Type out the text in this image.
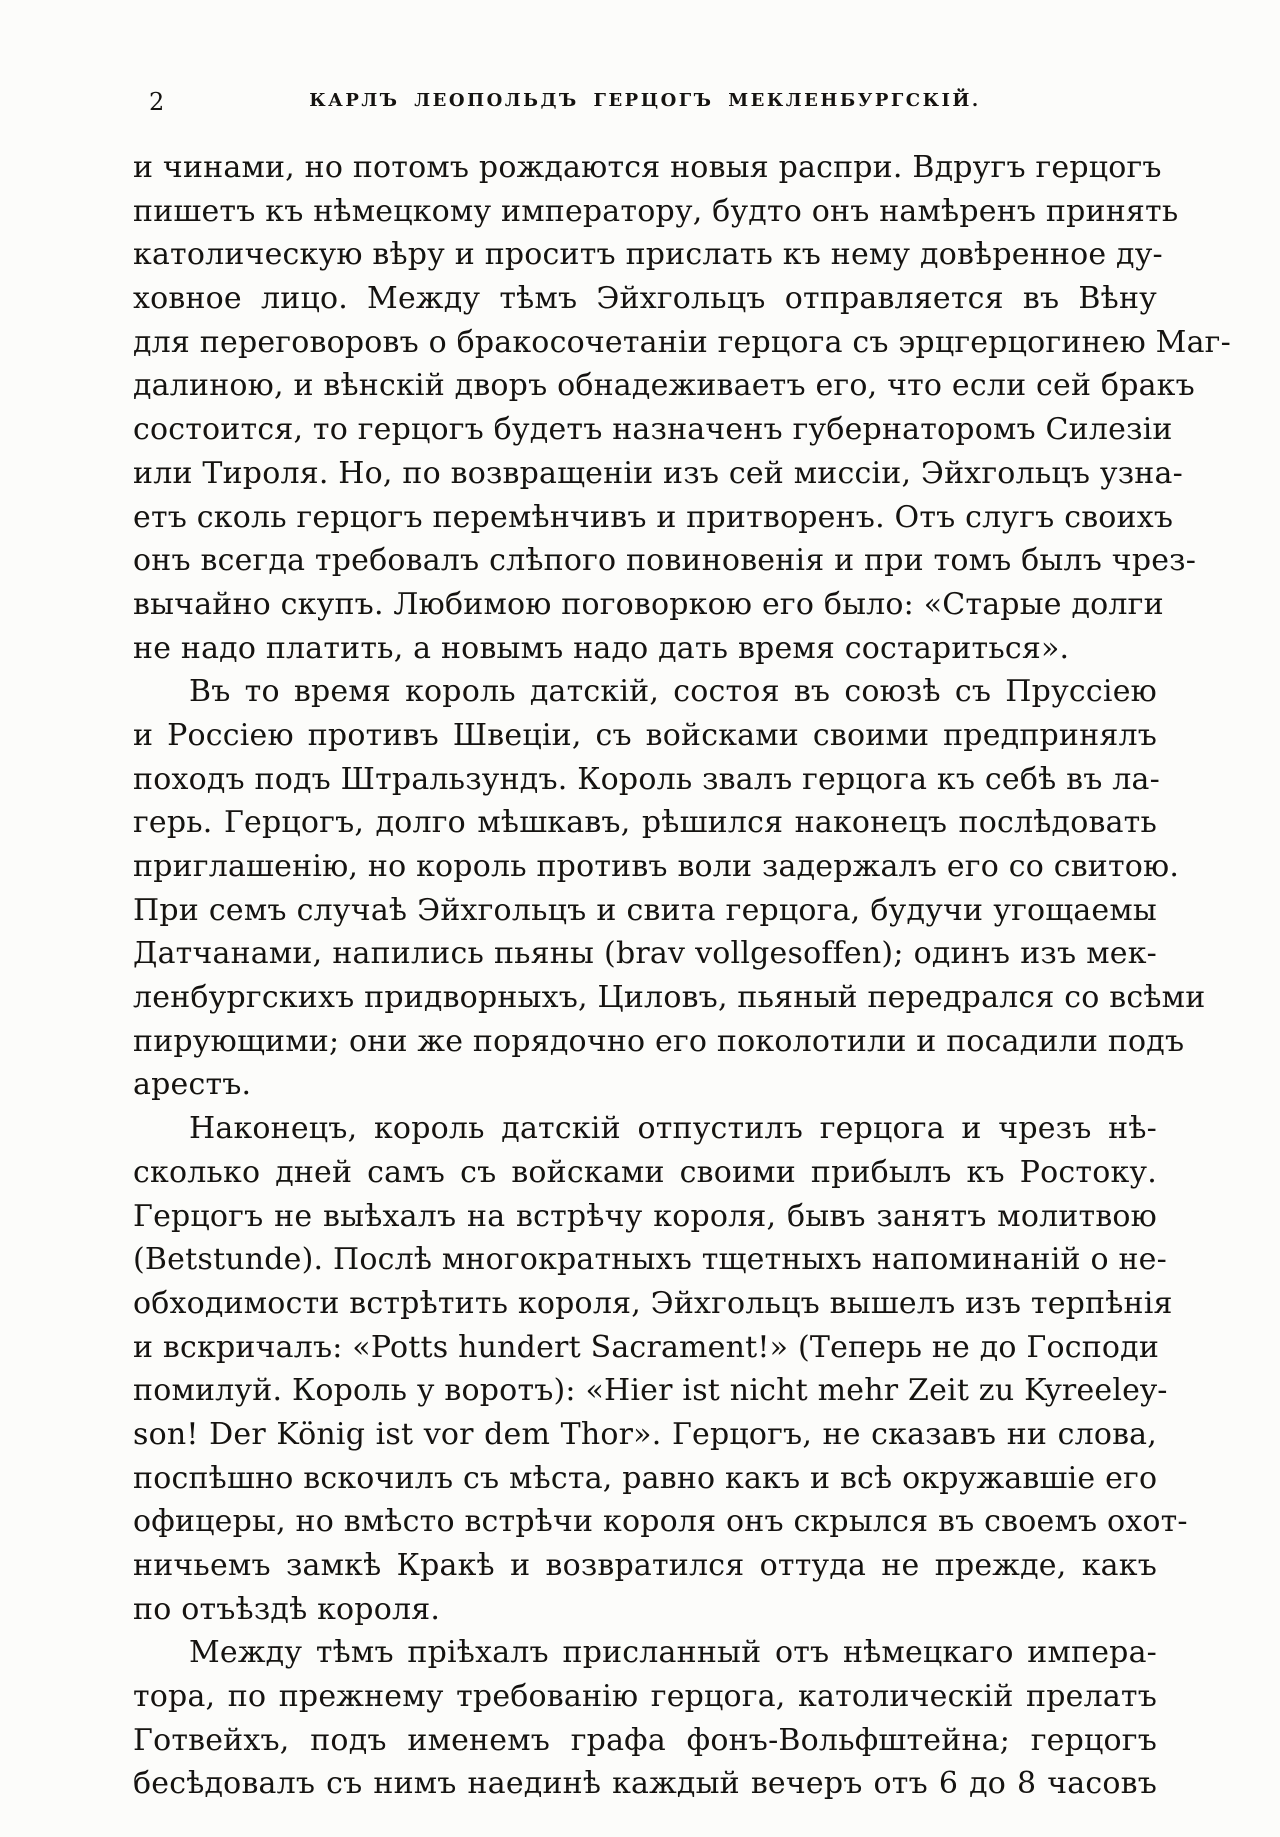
2	КАРЛЪ ЛЕОПОЛЬДЪ ГЕРЦОГЪ МЕКЛЕНБУРГСКІЙ.
и чинами, но потомъ рождаются новыя распри. Вдругъ герцогъ
пишетъ къ нѣмецкому императору, будто онъ намѣренъ принять
католическую вѣру и проситъ прислать къ нему довѣренное ду-
ховное лицо. Между тѣмъ Эйхгольцъ отправляется въ Вѣну
для переговоровъ о бракосочетаніи герцога съ эрцгерцогинею Маг-
далиною, и вѣнскій дворъ обнадеживаетъ его, что если сей бракъ
состоится, то герцогъ будетъ назначенъ губернаторомъ Силезіи
или Тироля. Но, по возвращеніи изъ сей миссіи, Эйхгольцъ узна-
етъ сколь герцогъ перемѣнчивъ и притворенъ. Отъ слугъ своихъ
онъ всегда требовалъ слѣпого повиновенія и при томъ былъ чрез-
вычайно скупъ. Любимою поговоркою его было: «Старые долги
не надо платить, а новымъ надо дать время состариться».
Въ то время король датскій, состоя въ союзѣ съ Пруссіею
и Россіею противъ Швеціи, съ войсками своими предпринялъ
походъ подъ Штральзундъ. Король звалъ герцога къ себѣ въ ла-
герь. Герцогъ, долго мѣшкавъ, рѣшился наконецъ послѣдовать
приглашенію, но король противъ воли задержалъ его со свитою.
При семъ случаѣ Эйхгольцъ и свита герцога, будучи угощаемы
Датчанами, напились пьяны (brav vollgesoffen); одинъ изъ мек-
ленбургскихъ придворныхъ, Циловъ, пьяный передрался со всѣми
пирующими; они же порядочно его поколотили и посадили подъ
арестъ.
Наконецъ, король датскій отпустилъ герцога и чрезъ нѣ-
сколько дней самъ съ войсками своими прибылъ къ Ростоку.
Герцогъ не выѣхалъ на встрѣчу короля, бывъ занятъ молитвою
(Betstunde). Послѣ многократныхъ тщетныхъ напоминаній о не-
обходимости встрѣтить короля, Эйхгольцъ вышелъ изъ терпѣнія
и вскричалъ: «Potts hundert Sacrament!» (Теперь не до Господи
помилуй. Король у воротъ): «Hier ist nicht mehr Zeit zu Kyreeley-
son! Der König ist vor dem Thor». Герцогъ, не сказавъ ни слова,
поспѣшно вскочилъ съ мѣста, равно какъ и всѣ окружавшіе его
офицеры, но вмѣсто встрѣчи короля онъ скрылся въ своемъ охот-
ничьемъ замкѣ Кракѣ и возвратился оттуда не прежде, какъ
по отъѣздѣ короля.
Между тѣмъ пріѣхалъ присланный отъ нѣмецкаго импера-
тора, по прежнему требованію герцога, католическій прелатъ
Готвейхъ, подъ именемъ графа фонъ-Вольфштейна; герцогъ
бесѣдовалъ съ нимъ наединѣ каждый вечеръ отъ 6 до 8 часовъ
